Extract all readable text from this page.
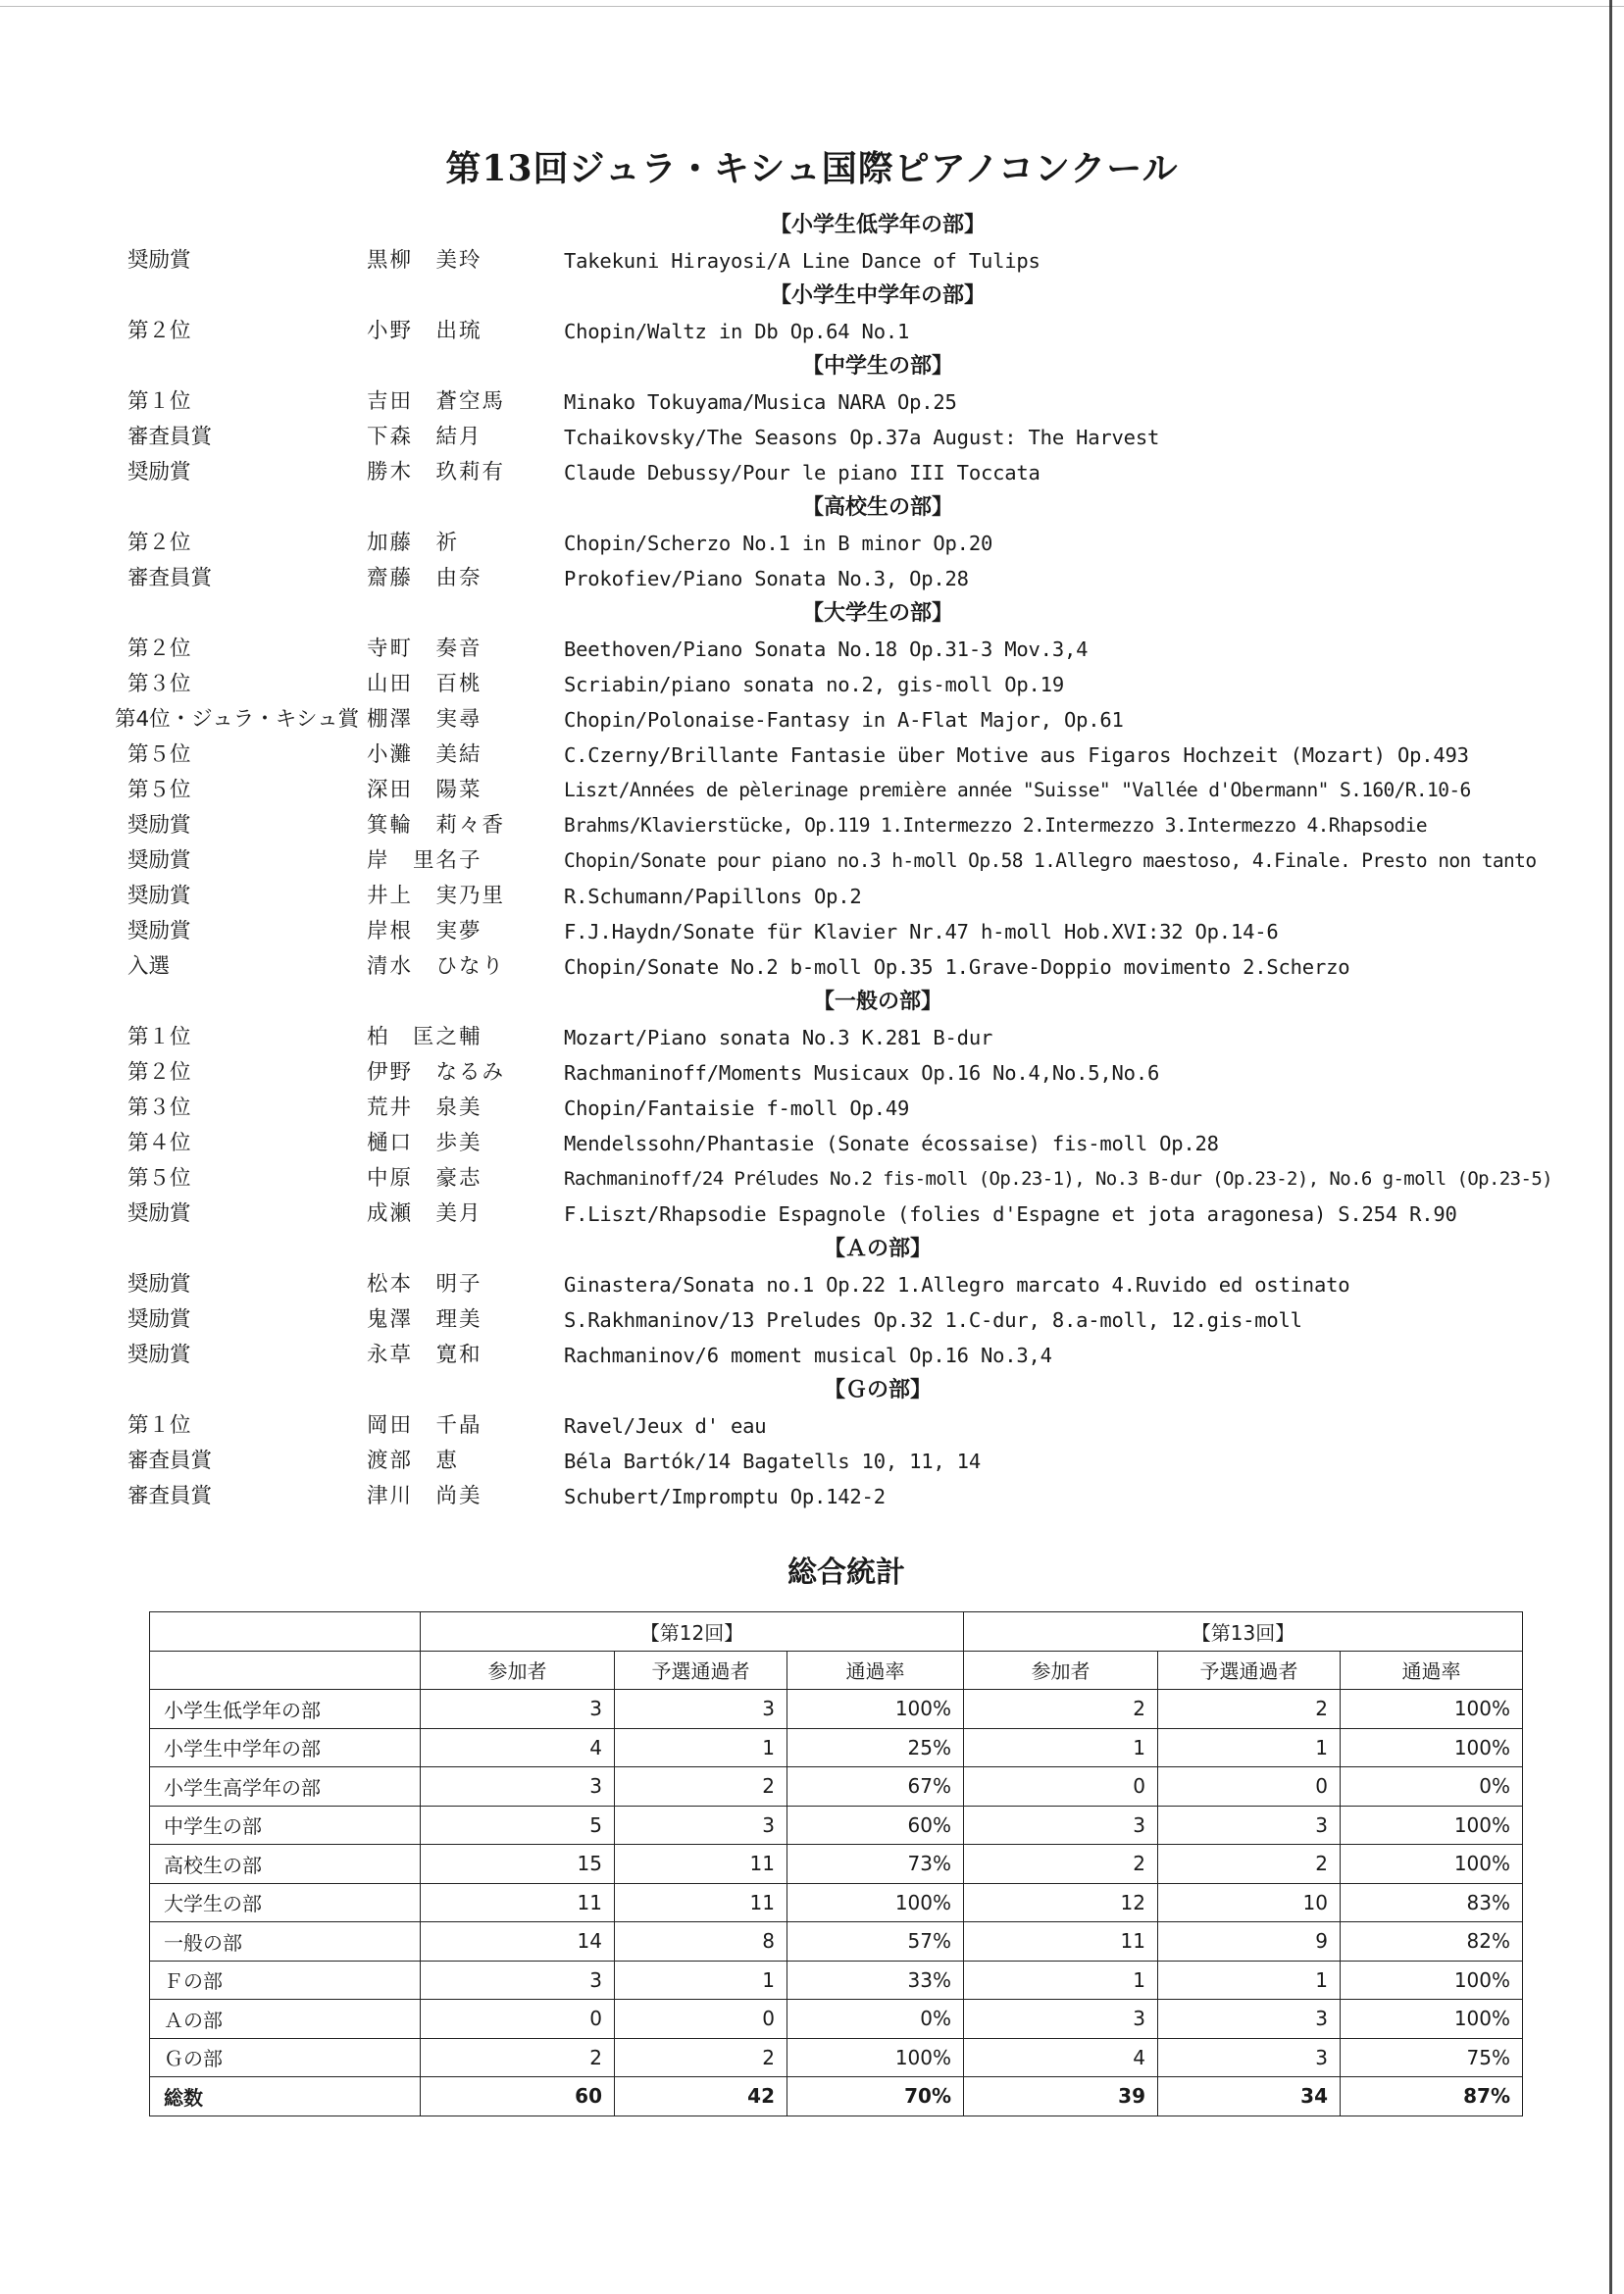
第13回ジュラ・キシュ国際ピアノコンクール
【小学生低学年の部】
奨励賞	黒柳　美玲	Takekuni Hirayosi/A Line Dance of Tulips
【小学生中学年の部】
第２位	小野　出琉	Chopin/Waltz in Db Op.64 No.1
【中学生の部】
第１位	吉田　蒼空馬	Minako Tokuyama/Musica NARA Op.25
審査員賞	下森　結月	Tchaikovsky/The Seasons Op.37a August: The Harvest
奨励賞	勝木　玖莉有	Claude Debussy/Pour le piano III Toccata
【高校生の部】
第２位	加藤　祈	Chopin/Scherzo No.1 in B minor Op.20
審査員賞	齋藤　由奈	Prokofiev/Piano Sonata No.3, Op.28
【大学生の部】
第２位	寺町　奏音	Beethoven/Piano Sonata No.18 Op.31-3 Mov.3,4
第３位	山田　百桃	Scriabin/piano sonata no.2, gis-moll Op.19
第4位・ジュラ・キシュ賞 棚澤　実尋	Chopin/Polonaise-Fantasy in A-Flat Major, Op.61
第５位	小灘　美結	C.Czerny/Brillante Fantasie über Motive aus Figaros Hochzeit (Mozart) Op.493
第５位	深田　陽菜	Liszt/Années de pèlerinage première année "Suisse" "Vallée d'Obermann" S.160/R.10-6
奨励賞	箕輪　莉々香	Brahms/Klavierstücke, Op.119 1.Intermezzo 2.Intermezzo 3.Intermezzo 4.Rhapsodie
奨励賞	岸　里名子	Chopin/Sonate pour piano no.3 h-moll Op.58 1.Allegro maestoso, 4.Finale. Presto non tanto
奨励賞	井上　実乃里	R.Schumann/Papillons Op.2
奨励賞	岸根　実夢	F.J.Haydn/Sonate für Klavier Nr.47 h-moll Hob.XVI:32 Op.14-6
入選	清水　ひなり	Chopin/Sonate No.2 b-moll Op.35 1.Grave-Doppio movimento 2.Scherzo
【一般の部】
第１位	柏　匡之輔	Mozart/Piano sonata No.3 K.281 B-dur
第２位	伊野　なるみ	Rachmaninoff/Moments Musicaux Op.16 No.4,No.5,No.6
第３位	荒井　泉美	Chopin/Fantaisie f-moll Op.49
第４位	樋口　歩美	Mendelssohn/Phantasie (Sonate écossaise) fis-moll Op.28
第５位	中原　豪志	Rachmaninoff/24 Préludes No.2 fis-moll (Op.23-1), No.3 B-dur (Op.23-2), No.6 g-moll (Op.23-5)
奨励賞	成瀬　美月	F.Liszt/Rhapsodie Espagnole (folies d'Espagne et jota aragonesa) S.254 R.90
【Ａの部】
奨励賞	松本　明子	Ginastera/Sonata no.1 Op.22 1.Allegro marcato 4.Ruvido ed ostinato
奨励賞	鬼澤　理美	S.Rakhmaninov/13 Preludes Op.32 1.C-dur, 8.a-moll, 12.gis-moll
奨励賞	永草　寛和	Rachmaninov/6 moment musical Op.16 No.3,4
【Ｇの部】
第１位	岡田　千晶	Ravel/Jeux d' eau
審査員賞	渡部　恵	Béla Bartók/14 Bagatells 10, 11, 14
審査員賞	津川　尚美	Schubert/Impromptu Op.142-2
総合統計
	【第12回】			【第13回】		
	参加者	予選通過者	通過率	参加者	予選通過者	通過率
小学生低学年の部	3	3	100%	2	2	100%
小学生中学年の部	4	1	25%	1	1	100%
小学生高学年の部	3	2	67%	0	0	0%
中学生の部	5	3	60%	3	3	100%
高校生の部	15	11	73%	2	2	100%
大学生の部	11	11	100%	12	10	83%
一般の部	14	8	57%	11	9	82%
Ｆの部	3	1	33%	1	1	100%
Ａの部	0	0	0%	3	3	100%
Ｇの部	2	2	100%	4	3	75%
総数	60	42	70%	39	34	87%
